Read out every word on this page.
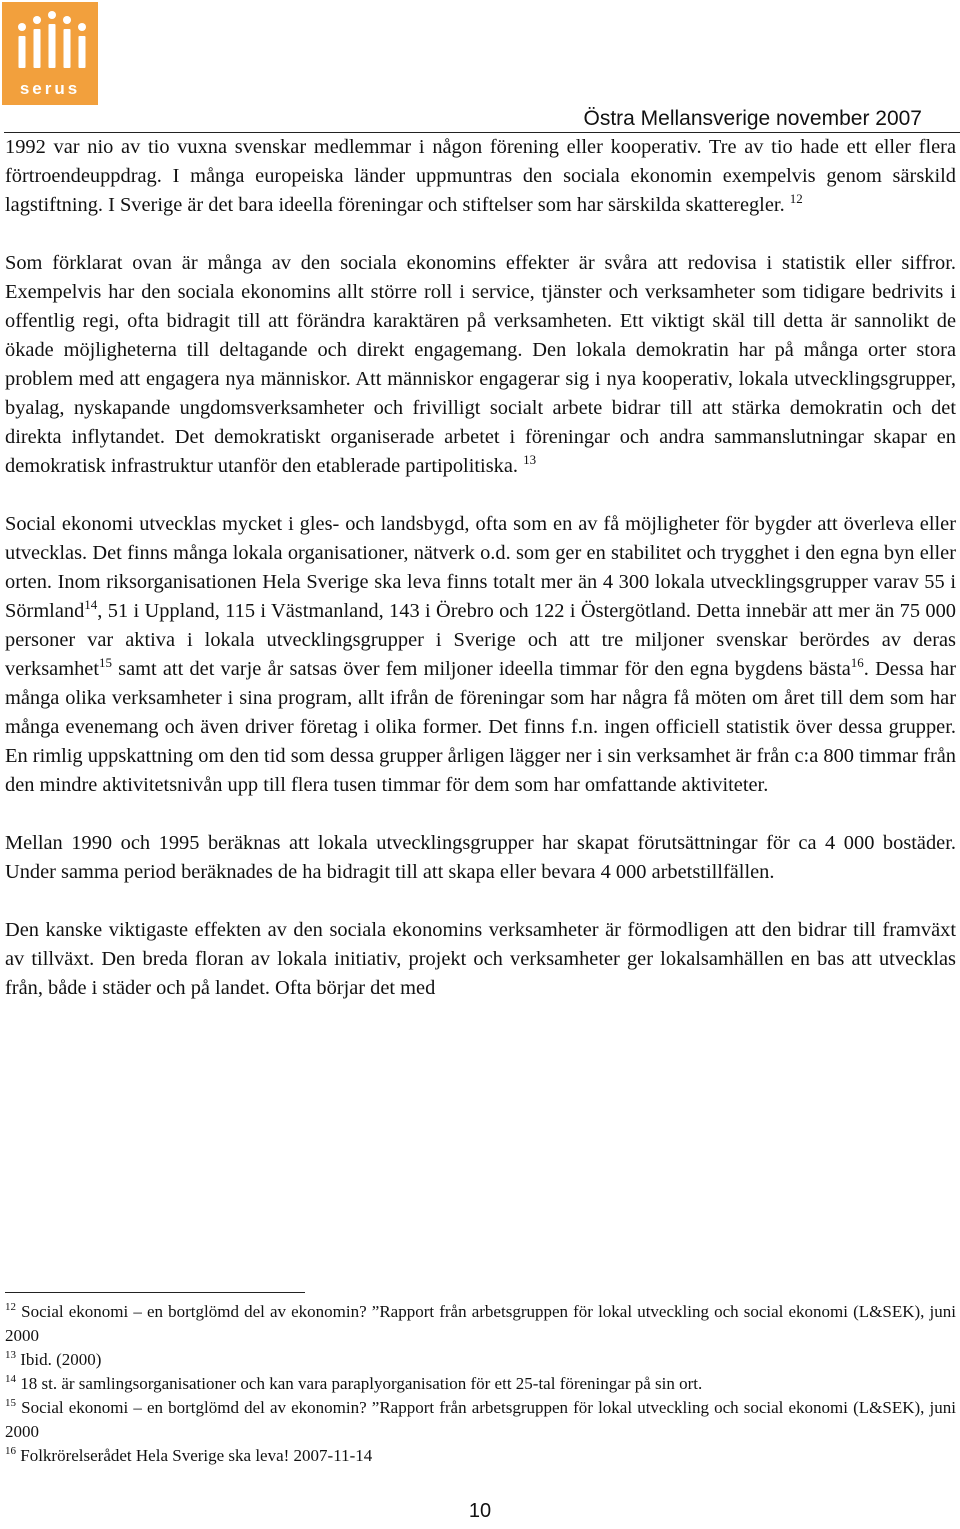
serus
Östra Mellansverige november 2007

1992 var nio av tio vuxna svenskar medlemmar i någon förening eller kooperativ. Tre av tio hade ett eller flera förtroendeuppdrag. I många europeiska länder uppmuntras den sociala ekonomin exempelvis genom särskild lagstiftning. I Sverige är det bara ideella föreningar och stiftelser som har särskilda skatteregler. $^{12}$

Som förklarat ovan är många av den sociala ekonomins effekter är svåra att redovisa i statistik eller siffror. Exempelvis har den sociala ekonomins allt större roll i service, tjänster och verksamheter som tidigare bedrivits i offentlig regi, ofta bidragit till att förändra karaktären på verksamheten. Ett viktigt skäl till detta är sannolikt de ökade möjligheterna till deltagande och direkt engagemang. Den lokala demokratin har på många orter stora problem med att engagera nya människor. Att människor engagerar sig i nya kooperativ, lokala utvecklingsgrupper, byalag, nyskapande ungdomsverksamheter och frivilligt socialt arbete bidrar till att stärka demokratin och det direkta inflytandet. Det demokratiskt organiserade arbetet i föreningar och andra sammanslutningar skapar en demokratisk infrastruktur utanför den etablerade partipolitiska. $^{13}$

Social ekonomi utvecklas mycket i gles- och landsbygd, ofta som en av få möjligheter för bygder att överleva eller utvecklas. Det finns många lokala organisationer, nätverk o.d. som ger en stabilitet och trygghet i den egna byn eller orten. Inom riksorganisationen Hela Sverige ska leva finns totalt mer än 4 300 lokala utvecklingsgrupper varav 55 i Sörmland$^{14}$, 51 i Uppland, 115 i Västmanland, 143 i Örebro och 122 i Östergötland. Detta innebär att mer än 75 000 personer var aktiva i lokala utvecklingsgrupper i Sverige och att tre miljoner svenskar berördes av deras verksamhet$^{15}$ samt att det varje år satsas över fem miljoner ideella timmar för den egna bygdens bästa$^{16}$. Dessa har många olika verksamheter i sina program, allt ifrån de föreningar som har några få möten om året till dem som har många evenemang och även driver företag i olika former. Det finns f.n. ingen officiell statistik över dessa grupper. En rimlig uppskattning om den tid som dessa grupper årligen lägger ner i sin verksamhet är från c:a 800 timmar från den mindre aktivitetsnivån upp till flera tusen timmar för dem som har omfattande aktiviteter.

Mellan 1990 och 1995 beräknas att lokala utvecklingsgrupper har skapat förutsättningar för ca 4 000 bostäder. Under samma period beräknades de ha bidragit till att skapa eller bevara 4 000 arbetstillfällen.

Den kanske viktigaste effekten av den sociala ekonomins verksamheter är förmodligen att den bidrar till framväxt av tillväxt. Den breda floran av lokala initiativ, projekt och verksamheter ger lokalsamhällen en bas att utvecklas från, både i städer och på landet. Ofta börjar det med

$^{12}$ Social ekonomi – en bortglömd del av ekonomin? ”Rapport från arbetsgruppen för lokal utveckling och social ekonomi (L&SEK), juni 2000
$^{13}$ Ibid. (2000)
$^{14}$ 18 st. är samlingsorganisationer och kan vara paraplyorganisation för ett 25-tal föreningar på sin ort.
$^{15}$ Social ekonomi – en bortglömd del av ekonomin? ”Rapport från arbetsgruppen för lokal utveckling och social ekonomi (L&SEK), juni 2000
$^{16}$ Folkrörelserådet Hela Sverige ska leva! 2007-11-14
10
